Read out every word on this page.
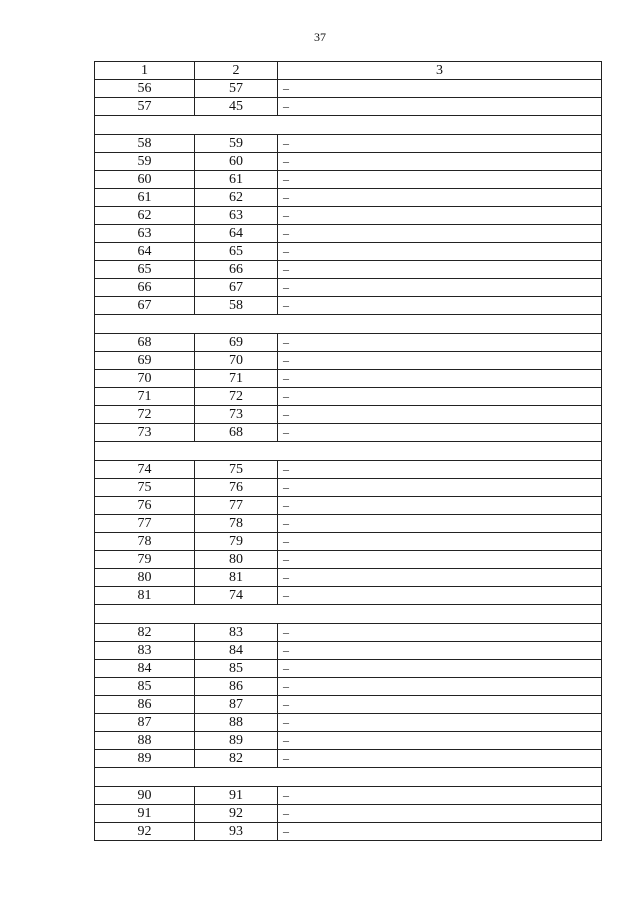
37
1	2	3
56	57	–
57	45	–

58	59	–
59	60	–
60	61	–
61	62	–
62	63	–
63	64	–
64	65	–
65	66	–
66	67	–
67	58	–

68	69	–
69	70	–
70	71	–
71	72	–
72	73	–
73	68	–

74	75	–
75	76	–
76	77	–
77	78	–
78	79	–
79	80	–
80	81	–
81	74	–

82	83	–
83	84	–
84	85	–
85	86	–
86	87	–
87	88	–
88	89	–
89	82	–

90	91	–
91	92	–
92	93	–
